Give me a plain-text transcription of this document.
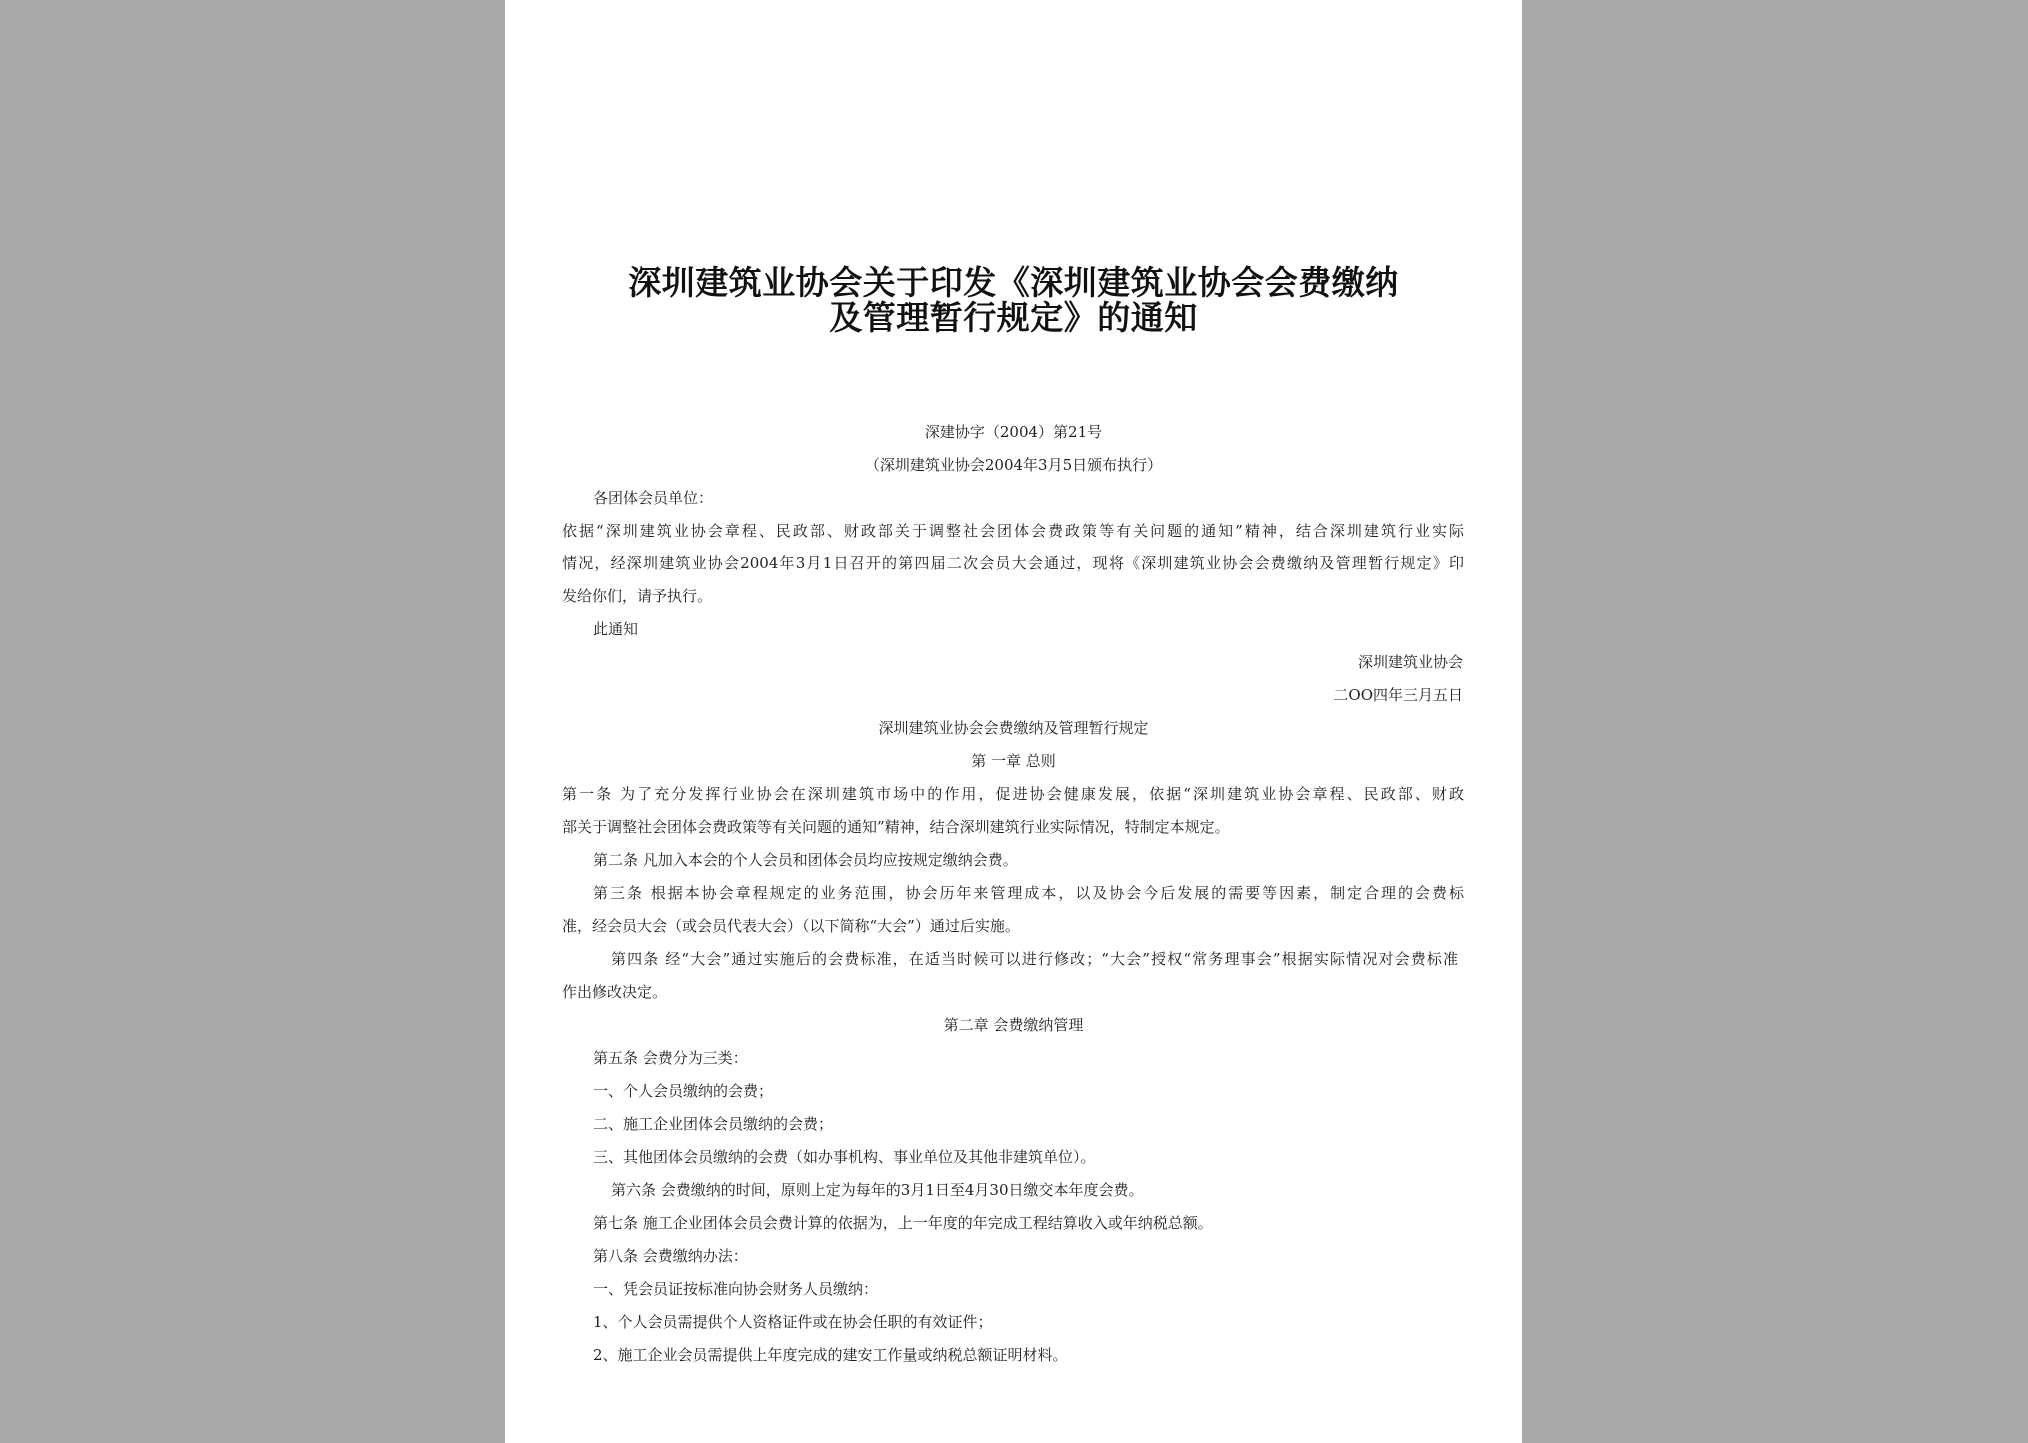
深圳建筑业协会关于印发《深圳建筑业协会会费缴纳
及管理暂行规定》的通知
深建协字（2004）第21号
（深圳建筑业协会2004年3月5日颁布执行）
各团体会员单位：
依据“深圳建筑业协会章程、民政部、财政部关于调整社会团体会费政策等有关问题的通知”精神，结合深圳建筑行业实际
情况，经深圳建筑业协会2004年3月1日召开的第四届二次会员大会通过，现将《深圳建筑业协会会费缴纳及管理暂行规定》印
发给你们，请予执行。
此通知
深圳建筑业协会
二OO四年三月五日
深圳建筑业协会会费缴纳及管理暂行规定
第 一章 总则
第一条 为了充分发挥行业协会在深圳建筑市场中的作用，促进协会健康发展，依据“深圳建筑业协会章程、民政部、财政
部关于调整社会团体会费政策等有关问题的通知”精神，结合深圳建筑行业实际情况，特制定本规定。
第二条 凡加入本会的个人会员和团体会员均应按规定缴纳会费。
第三条 根据本协会章程规定的业务范围，协会历年来管理成本，以及协会今后发展的需要等因素，制定合理的会费标
准，经会员大会（或会员代表大会）（以下简称“大会”）通过后实施。
第四条 经“大会”通过实施后的会费标准，在适当时候可以进行修改；“大会”授权“常务理事会”根据实际情况对会费标准
作出修改决定。
第二章 会费缴纳管理
第五条 会费分为三类：
一、个人会员缴纳的会费；
二、施工企业团体会员缴纳的会费；
三、其他团体会员缴纳的会费（如办事机构、事业单位及其他非建筑单位）。
第六条 会费缴纳的时间，原则上定为每年的3月1日至4月30日缴交本年度会费。
第七条 施工企业团体会员会费计算的依据为，上一年度的年完成工程结算收入或年纳税总额。
第八条 会费缴纳办法：
一、凭会员证按标准向协会财务人员缴纳：
1、个人会员需提供个人资格证件或在协会任职的有效证件；
2、施工企业会员需提供上年度完成的建安工作量或纳税总额证明材料。
